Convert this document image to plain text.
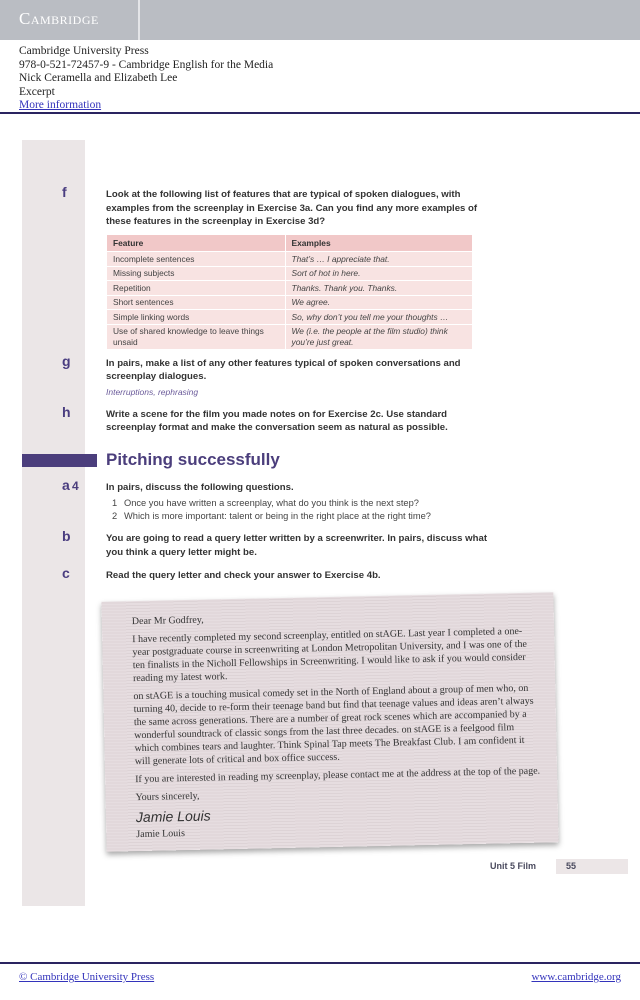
Cambridge
Cambridge University Press
978-0-521-72457-9 - Cambridge English for the Media
Nick Ceramella and Elizabeth Lee
Excerpt
More information
f	Look at the following list of features that are typical of spoken dialogues, with examples from the screenplay in Exercise 3a. Can you find any more examples of these features in the screenplay in Exercise 3d?
Feature	Examples
Incomplete sentences	That’s … I appreciate that.
Missing subjects	Sort of hot in here.
Repetition	Thanks. Thank you. Thanks.
Short sentences	We agree.
Simple linking words	So, why don’t you tell me your thoughts …
Use of shared knowledge to leave things unsaid	We (i.e. the people at the film studio) think you’re just great.
g	In pairs, make a list of any other features typical of spoken conversations and screenplay dialogues.
Interruptions, rephrasing
h	Write a scene for the film you made notes on for Exercise 2c. Use standard screenplay format and make the conversation seem as natural as possible.
Pitching successfully
4
a	In pairs, discuss the following questions.
1 Once you have written a screenplay, what do you think is the next step?
2 Which is more important: talent or being in the right place at the right time?
b	You are going to read a query letter written by a screenwriter. In pairs, discuss what you think a query letter might be.
c	Read the query letter and check your answer to Exercise 4b.

Dear Mr Godfrey,

I have recently completed my second screenplay, entitled on stAGE. Last year I completed a one-year postgraduate course in screenwriting at London Metropolitan University, and I was one of the ten finalists in the Nicholl Fellowships in Screenwriting. I would like to ask if you would consider reading my latest work.

on stAGE is a touching musical comedy set in the North of England about a group of men who, on turning 40, decide to re-form their teenage band but find that teenage values and ideas aren’t always the same across generations. There are a number of great rock scenes which are accompanied by a wonderful soundtrack of classic songs from the last three decades. on stAGE is a feelgood film which combines tears and laughter. Think Spinal Tap meets The Breakfast Club. I am confident it will generate lots of critical and box office success.

If you are interested in reading my screenplay, please contact me at the address at the top of the page.

Yours sincerely,

Jamie Louis
Jamie Louis
Unit 5 Film	55
© Cambridge University Press	www.cambridge.org
